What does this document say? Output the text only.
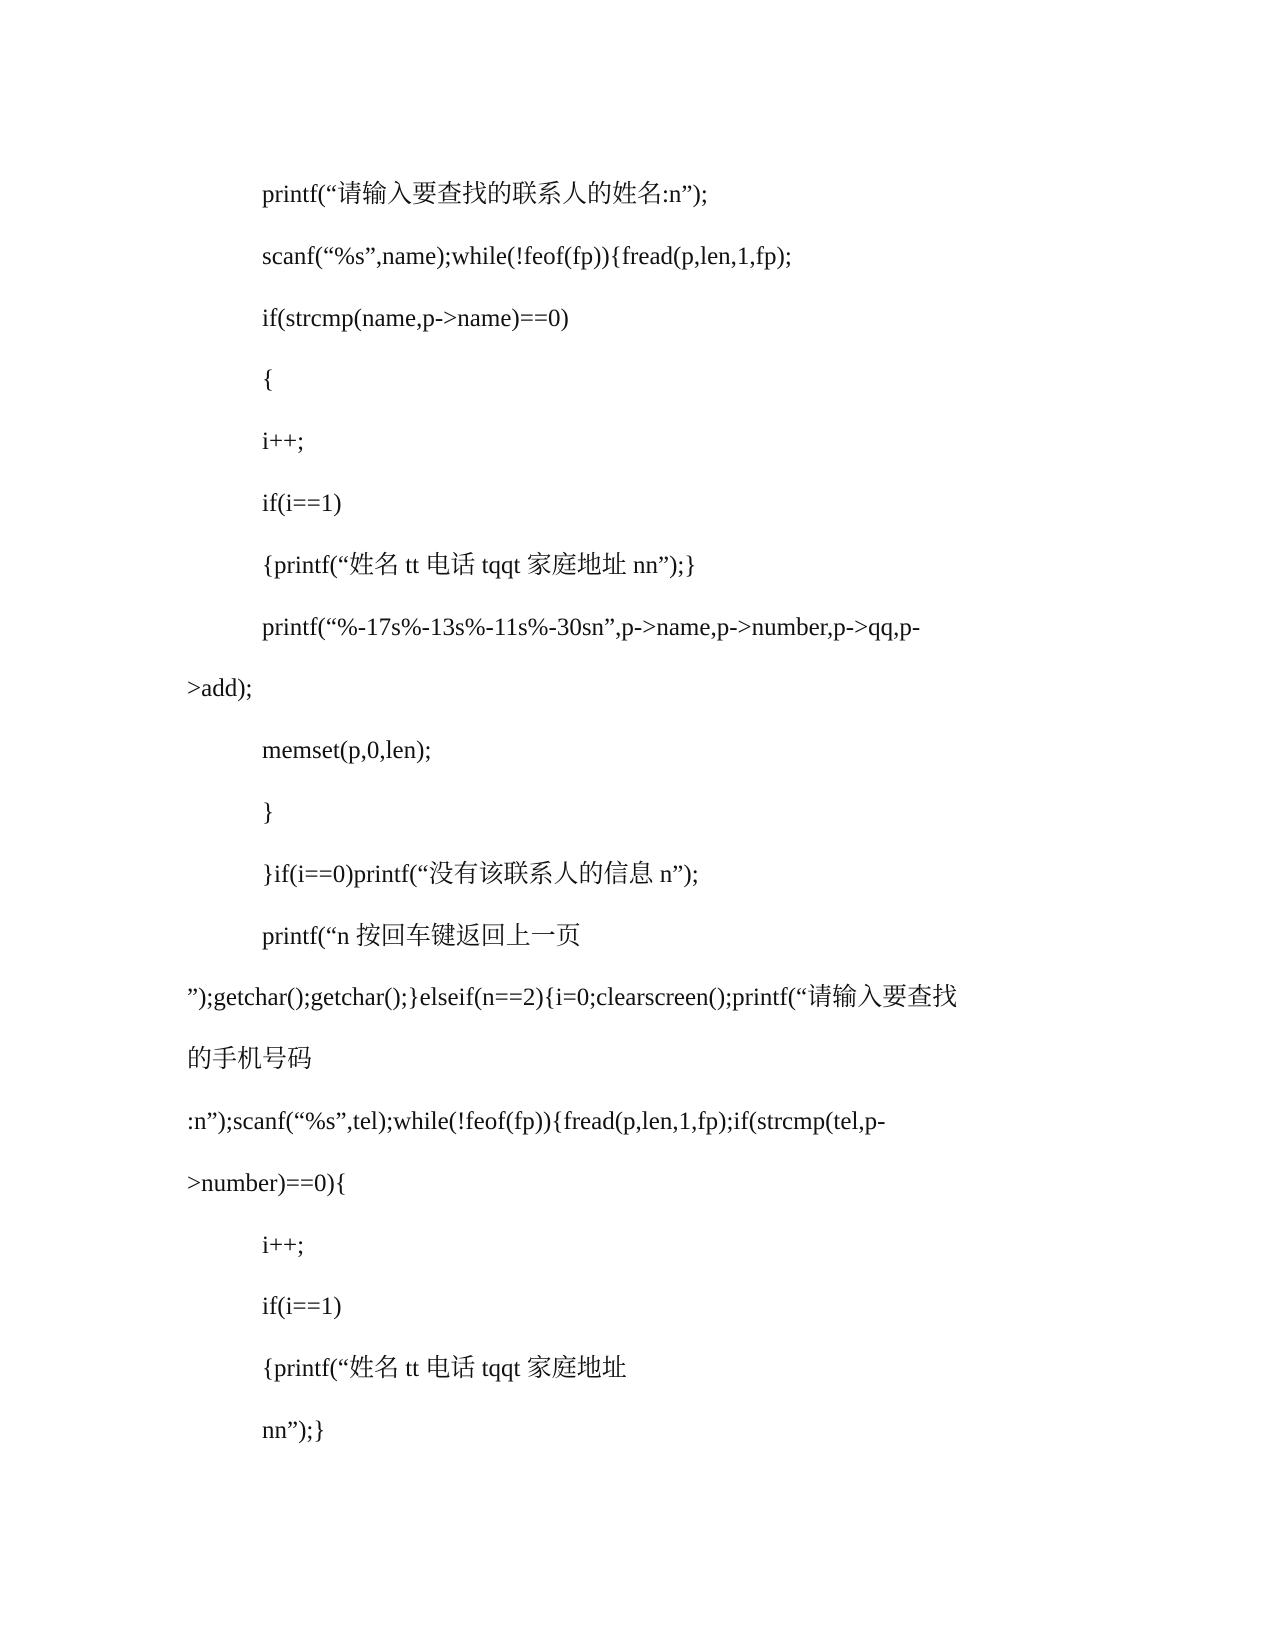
printf(“请输入要查找的联系人的姓名:n”);
scanf(“%s”,name);while(!feof(fp)){fread(p,len,1,fp);
if(strcmp(name,p->name)==0)
{
i++;
if(i==1)
{printf(“姓名 tt 电话 tqqt 家庭地址 nn”);}
printf(“%-17s%-13s%-11s%-30sn”,p->name,p->number,p->qq,p-
>add);
memset(p,0,len);
}
}if(i==0)printf(“没有该联系人的信息 n”);
printf(“n 按回车键返回上一页
”);getchar();getchar();}elseif(n==2){i=0;clearscreen();printf(“请输入要查找
的手机号码
:n”);scanf(“%s”,tel);while(!feof(fp)){fread(p,len,1,fp);if(strcmp(tel,p-
>number)==0){
i++;
if(i==1)
{printf(“姓名 tt 电话 tqqt 家庭地址
nn”);}
